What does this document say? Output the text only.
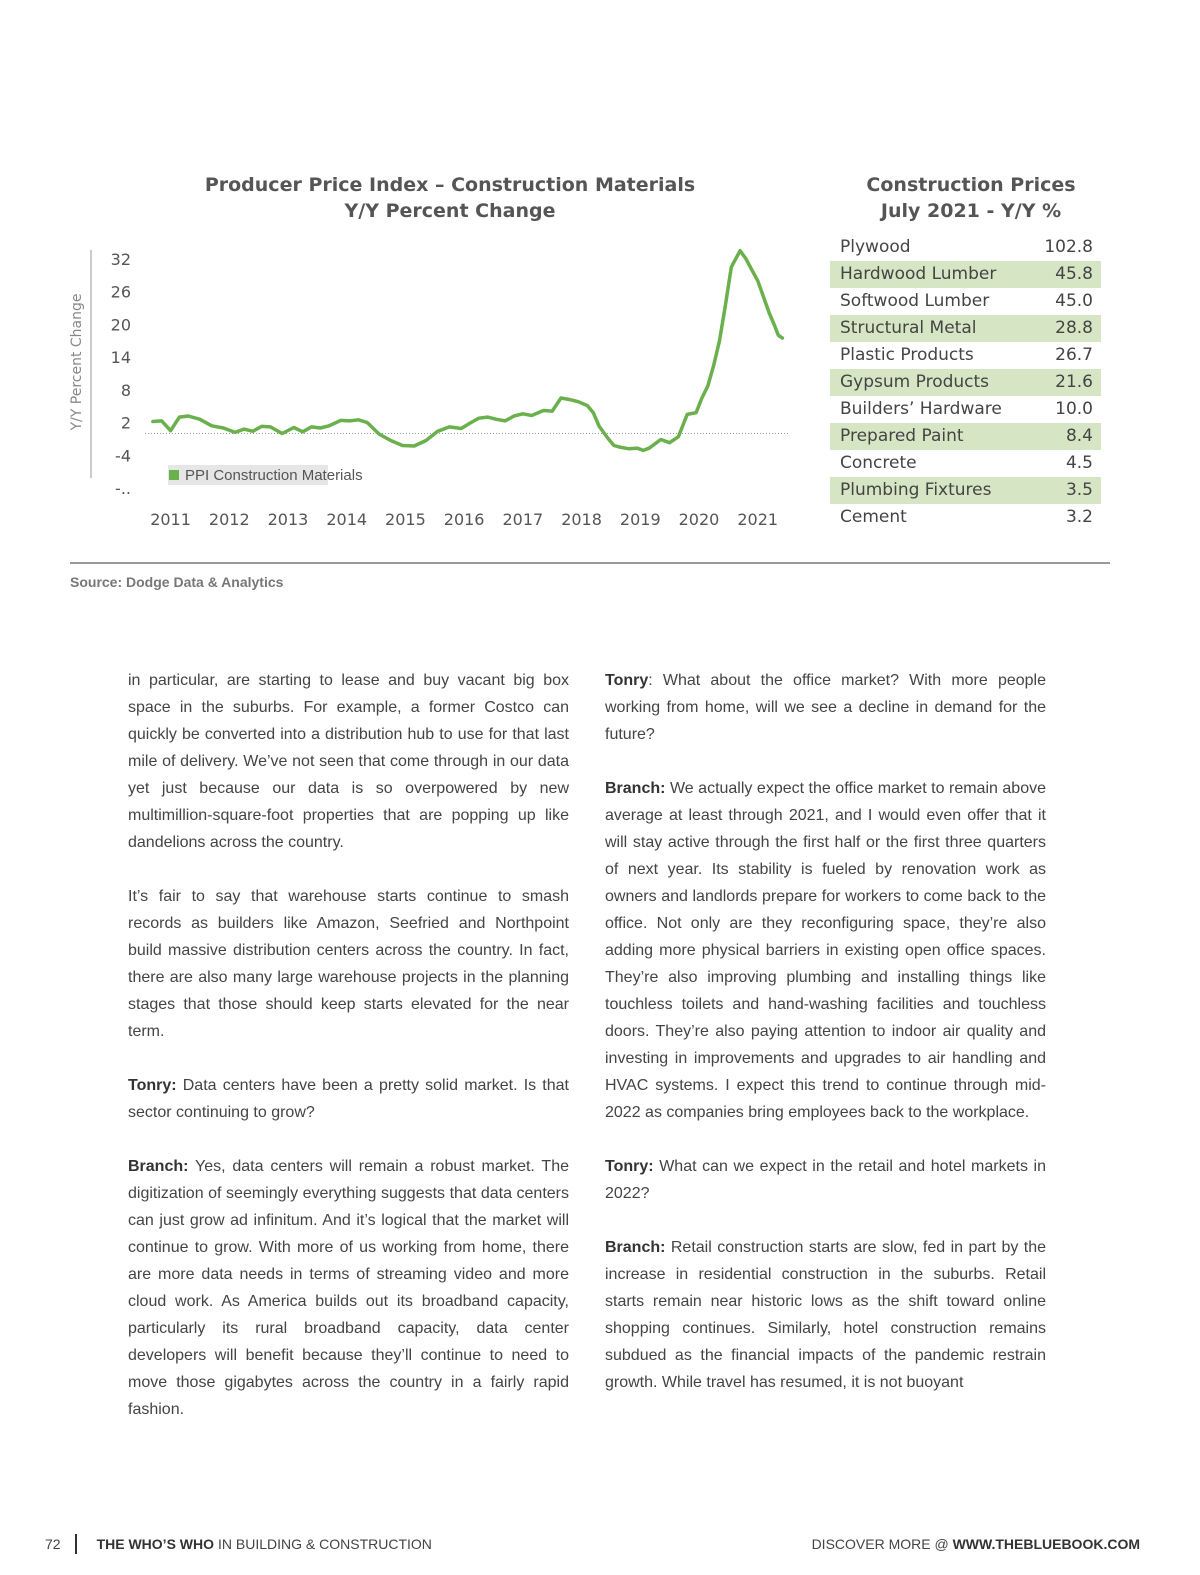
Producer Price Index – Construction Materials
Y/Y Percent Change
Y/Y Percent Change
32
26
20
14
8
2
-4
-..
2011 2012 2013 2014 2015 2016 2017 2018 2019 2020 2021
PPI Construction Materials
Construction Prices
July 2021 - Y/Y %
Plywood	102.8
Hardwood Lumber	45.8
Softwood Lumber	45.0
Structural Metal	28.8
Plastic Products	26.7
Gypsum Products	21.6
Builders’ Hardware	10.0
Prepared Paint	8.4
Concrete	4.5
Plumbing Fixtures	3.5
Cement	3.2
Source: Dodge Data & Analytics

in particular, are starting to lease and buy vacant big box space in the suburbs. For example, a former Costco can quickly be converted into a distribution hub to use for that last mile of delivery. We’ve not seen that come through in our data yet just because our data is so overpowered by new multimillion-square-foot properties that are popping up like dandelions across the country.

It’s fair to say that warehouse starts continue to smash records as builders like Amazon, Seefried and Northpoint build massive distribution centers across the country. In fact, there are also many large warehouse projects in the planning stages that those should keep starts elevated for the near term.

Tonry: Data centers have been a pretty solid market. Is that sector continuing to grow?

Branch: Yes, data centers will remain a robust market. The digitization of seemingly everything suggests that data centers can just grow ad infinitum. And it’s logical that the market will continue to grow. With more of us working from home, there are more data needs in terms of streaming video and more cloud work. As America builds out its broadband capacity, particularly its rural broadband capacity, data center developers will benefit because they’ll continue to need to move those gigabytes across the country in a fairly rapid fashion.

Tonry: What about the office market? With more people working from home, will we see a decline in demand for the future?

Branch: We actually expect the office market to remain above average at least through 2021, and I would even offer that it will stay active through the first half or the first three quarters of next year. Its stability is fueled by renovation work as owners and landlords prepare for workers to come back to the office. Not only are they reconfiguring space, they’re also adding more physical barriers in existing open office spaces. They’re also improving plumbing and installing things like touchless toilets and hand-washing facilities and touchless doors. They’re also paying attention to indoor air quality and investing in improvements and upgrades to air handling and HVAC systems. I expect this trend to continue through mid-2022 as companies bring employees back to the workplace.

Tonry: What can we expect in the retail and hotel markets in 2022?

Branch: Retail construction starts are slow, fed in part by the increase in residential construction in the suburbs. Retail starts remain near historic lows as the shift toward online shopping continues. Similarly, hotel construction remains subdued as the financial impacts of the pandemic restrain growth. While travel has resumed, it is not buoyant

72	THE WHO’S WHO IN BUILDING & CONSTRUCTION	DISCOVER MORE @ WWW.THEBLUEBOOK.COM
